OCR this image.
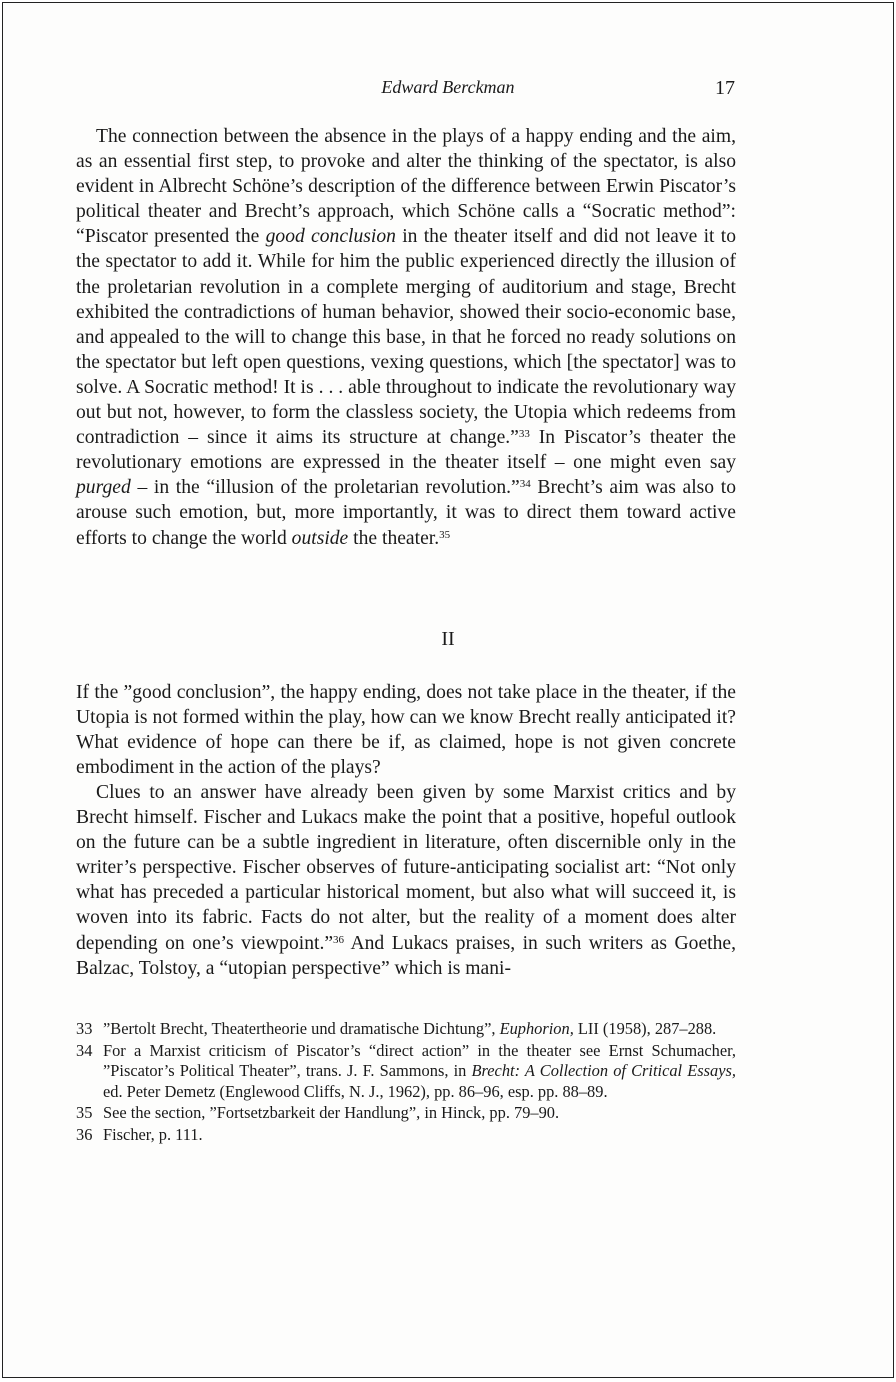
Edward Berckman	17

The connection between the absence in the plays of a happy ending and the aim, as an essential first step, to provoke and alter the thinking of the spectator, is also evident in Albrecht Schöne’s description of the difference between Erwin Piscator’s political theater and Brecht’s approach, which Schöne calls a “Socratic method”: “Piscator presented the good conclusion in the theater itself and did not leave it to the spectator to add it. While for him the public experienced directly the illusion of the proletarian revolution in a complete merging of auditorium and stage, Brecht exhibited the contradictions of human behavior, showed their socio-economic base, and appealed to the will to change this base, in that he forced no ready solutions on the spectator but left open questions, vexing questions, which [the spectator] was to solve. A Socratic method! It is . . . able throughout to indicate the revolutionary way out but not, however, to form the classless society, the Utopia which redeems from contradiction – since it aims its structure at change.”$^{33}$ In Piscator’s theater the revolutionary emotions are expressed in the theater itself – one might even say purged – in the “illusion of the proletarian revolution.”$^{34}$ Brecht’s aim was also to arouse such emotion, but, more importantly, it was to direct them toward active efforts to change the world outside the theater.$^{35}$

II

If the ”good conclusion”, the happy ending, does not take place in the theater, if the Utopia is not formed within the play, how can we know Brecht really anticipated it? What evidence of hope can there be if, as claimed, hope is not given concrete embodiment in the action of the plays?

Clues to an answer have already been given by some Marxist critics and by Brecht himself. Fischer and Lukacs make the point that a positive, hopeful outlook on the future can be a subtle ingredient in literature, often discernible only in the writer’s perspective. Fischer observes of future-anticipating socialist art: “Not only what has preceded a particular historical moment, but also what will succeed it, is woven into its fabric. Facts do not alter, but the reality of a moment does alter depending on one’s viewpoint.”$^{36}$ And Lukacs praises, in such writers as Goethe, Balzac, Tolstoy, a “utopian perspective” which is mani-

33 ”Bertolt Brecht, Theatertheorie und dramatische Dichtung”, Euphorion, LII (1958), 287–288.
34 For a Marxist criticism of Piscator’s “direct action” in the theater see Ernst Schumacher, ”Piscator’s Political Theater”, trans. J. F. Sammons, in Brecht: A Collection of Critical Essays, ed. Peter Demetz (Englewood Cliffs, N. J., 1962), pp. 86–96, esp. pp. 88–89.
35 See the section, ”Fortsetzbarkeit der Handlung”, in Hinck, pp. 79–90.
36 Fischer, p. 111.
